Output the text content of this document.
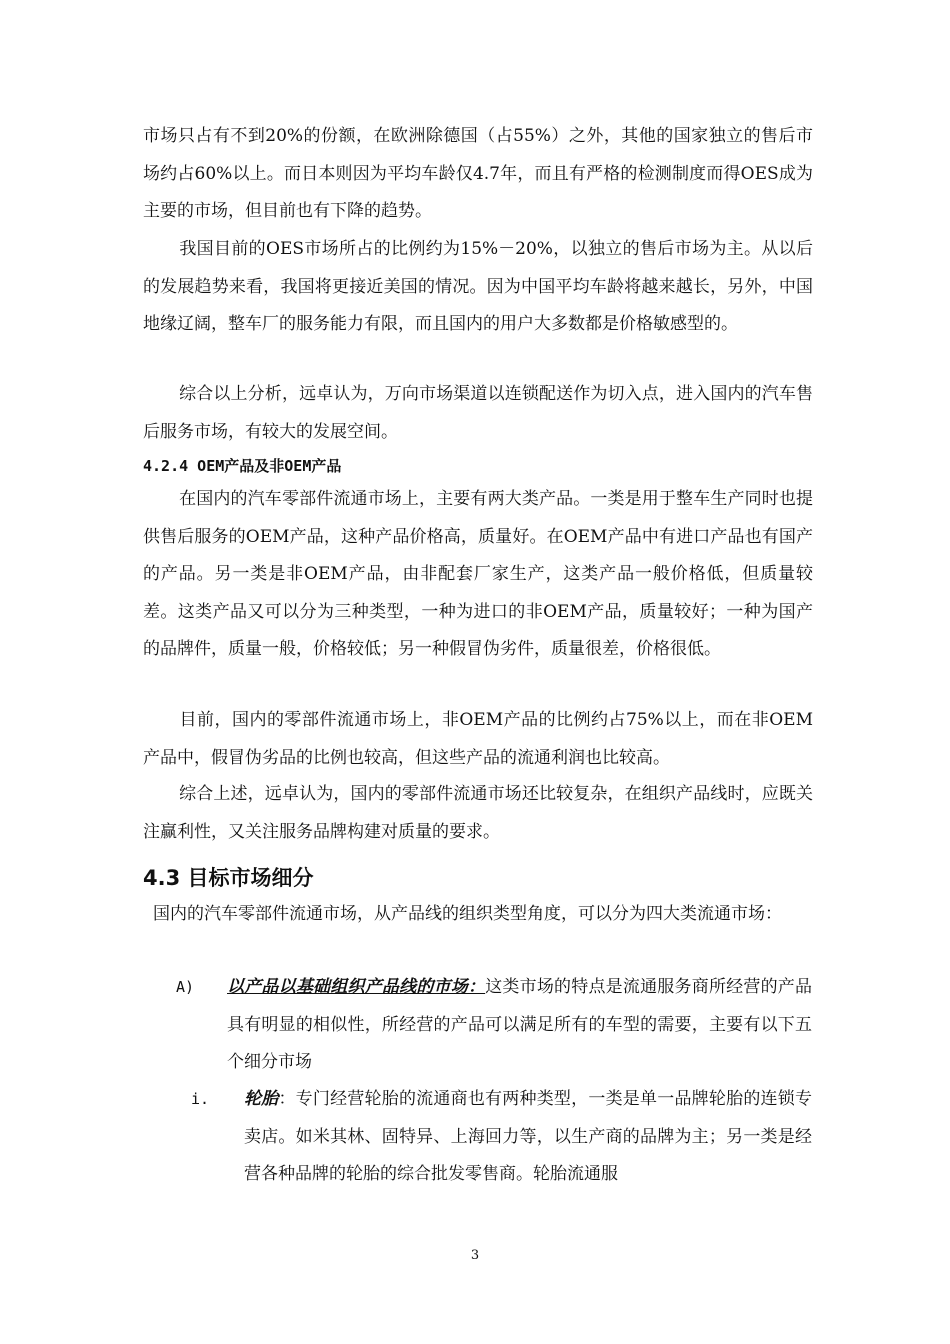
市场只占有不到20%的份额，在欧洲除德国（占55%）之外，其他的国家独立的售后市场约占60%以上。而日本则因为平均车龄仅4.7年，而且有严格的检测制度而得OES成为主要的市场，但目前也有下降的趋势。

我国目前的OES市场所占的比例约为15%－20%，以独立的售后市场为主。从以后的发展趋势来看，我国将更接近美国的情况。因为中国平均车龄将越来越长，另外，中国地缘辽阔，整车厂的服务能力有限，而且国内的用户大多数都是价格敏感型的。

综合以上分析，远卓认为，万向市场渠道以连锁配送作为切入点，进入国内的汽车售后服务市场，有较大的发展空间。

4.2.4 OEM产品及非OEM产品

在国内的汽车零部件流通市场上，主要有两大类产品。一类是用于整车生产同时也提供售后服务的OEM产品，这种产品价格高，质量好。在OEM产品中有进口产品也有国产的产品。另一类是非OEM产品，由非配套厂家生产，这类产品一般价格低，但质量较差。这类产品又可以分为三种类型，一种为进口的非OEM产品，质量较好；一种为国产的品牌件，质量一般，价格较低；另一种假冒伪劣件，质量很差，价格很低。

目前，国内的零部件流通市场上，非OEM产品的比例约占75%以上，而在非OEM产品中，假冒伪劣品的比例也较高，但这些产品的流通利润也比较高。

综合上述，远卓认为，国内的零部件流通市场还比较复杂，在组织产品线时，应既关注赢利性，又关注服务品牌构建对质量的要求。

4.3 目标市场细分

国内的汽车零部件流通市场，从产品线的组织类型角度，可以分为四大类流通市场：

A) 以产品以基础组织产品线的市场：这类市场的特点是流通服务商所经营的产品具有明显的相似性，所经营的产品可以满足所有的车型的需要，主要有以下五个细分市场

i. 轮胎：专门经营轮胎的流通商也有两种类型，一类是单一品牌轮胎的连锁专卖店。如米其林、固特异、上海回力等，以生产商的品牌为主；另一类是经营各种品牌的轮胎的综合批发零售商。轮胎流通服

3
